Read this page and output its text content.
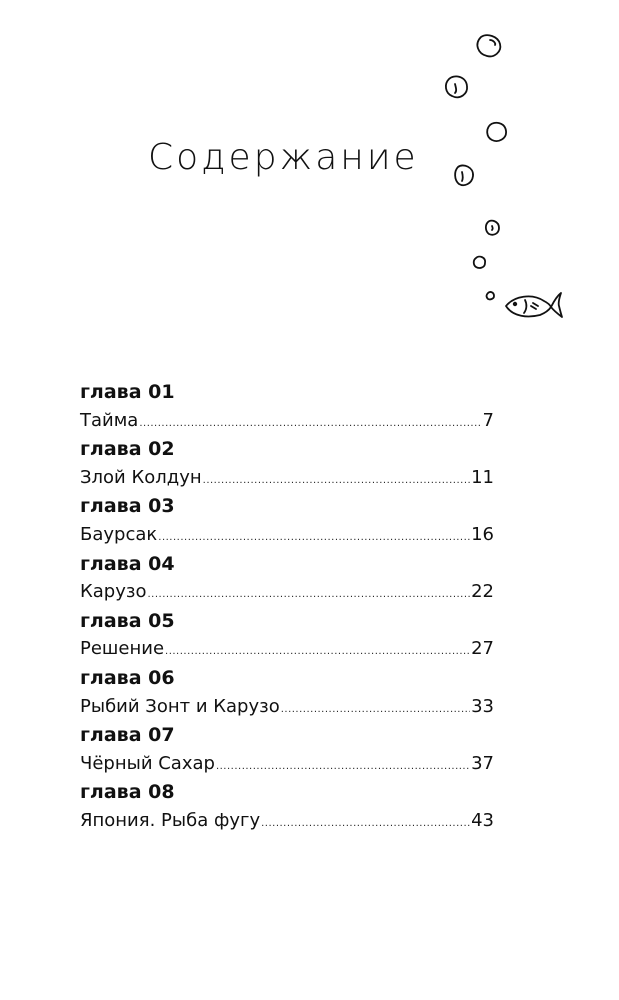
Содержание
глава 01
Тайма .....	7
глава 02
Злой Колдун .....	11
глава 03
Баурсак .....	16
глава 04
Карузо .....	22
глава 05
Решение .....	27
глава 06
Рыбий Зонт и Карузо .....	33
глава 07
Чёрный Сахар .....	37
глава 08
Япония. Рыба фугу .....	43
